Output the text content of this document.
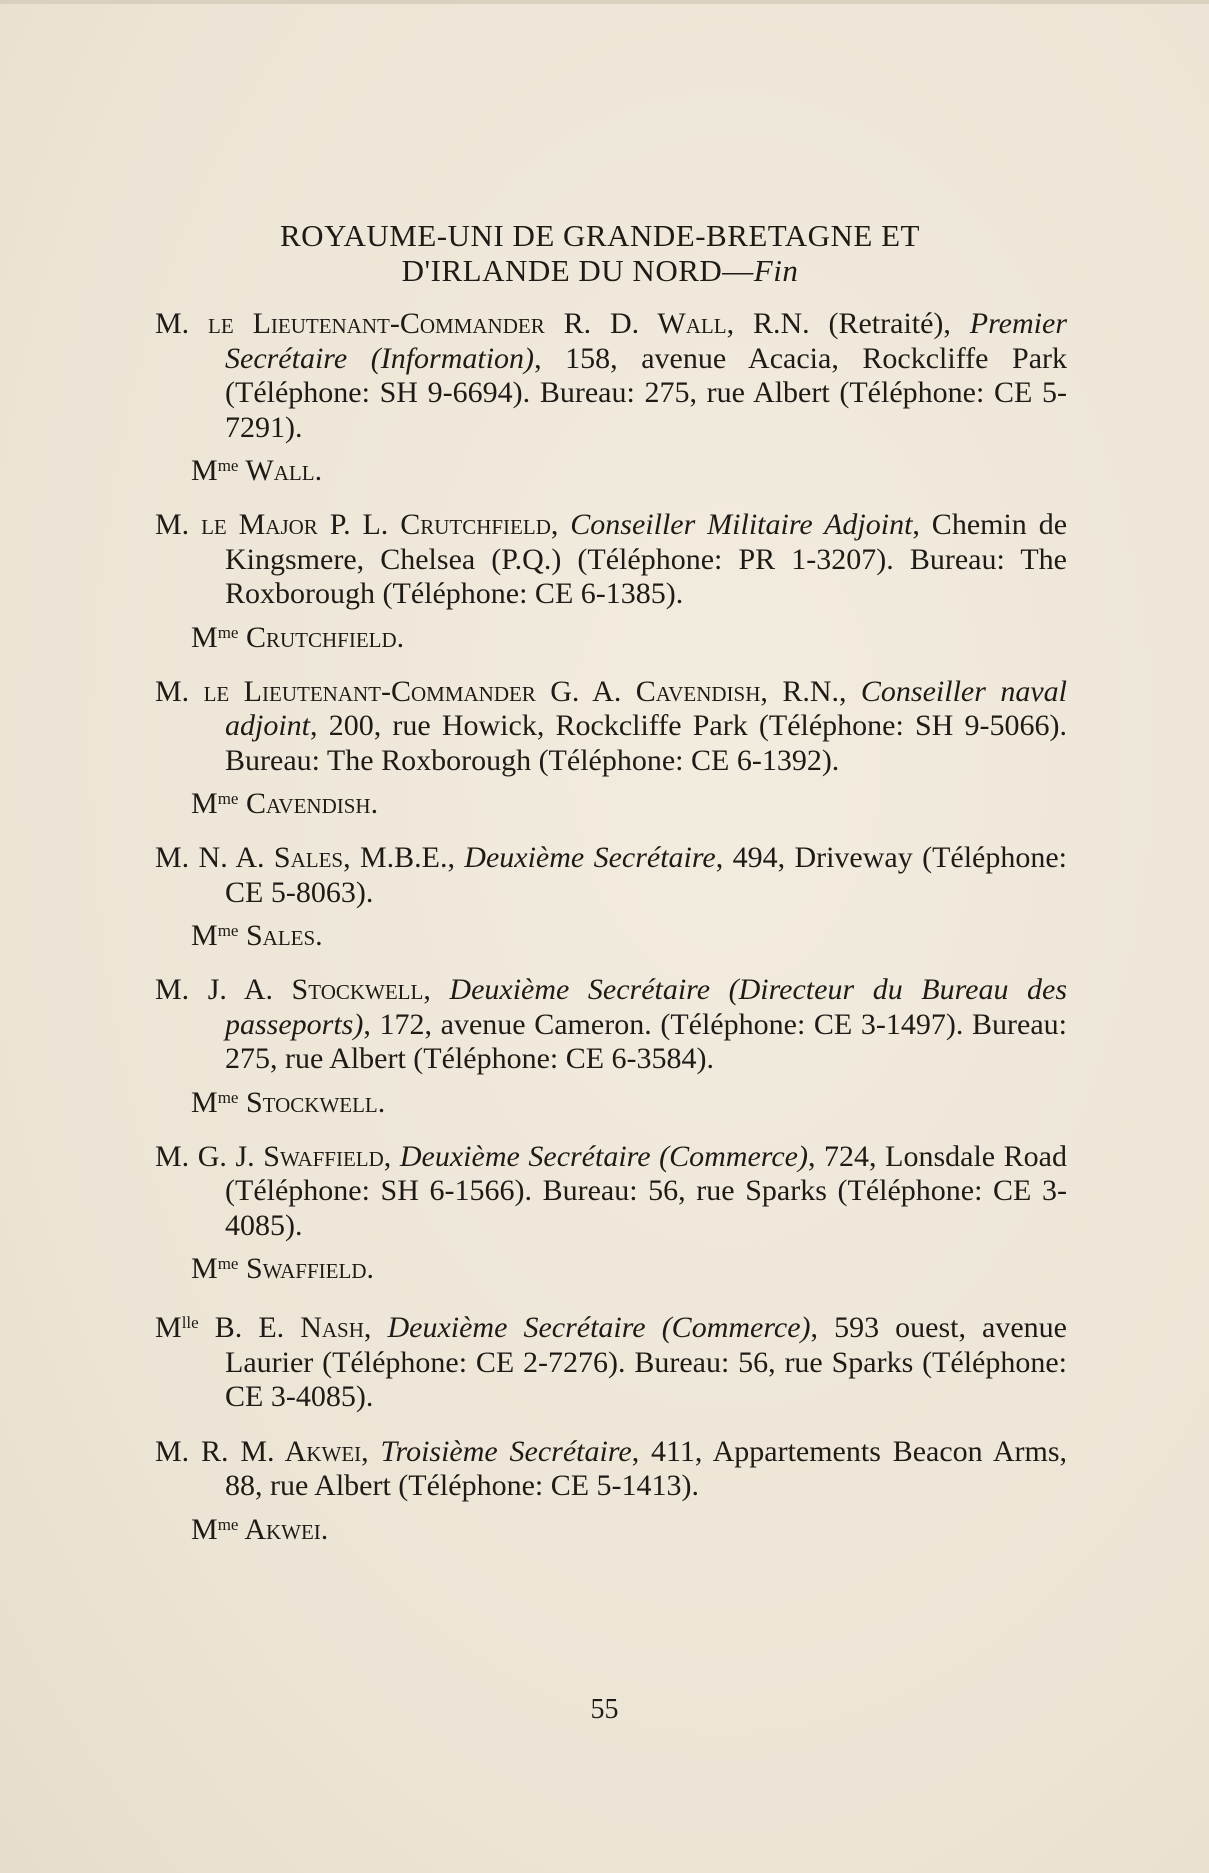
ROYAUME-UNI DE GRANDE-BRETAGNE ET
D'IRLANDE DU NORD—Fin

M. le Lieutenant-Commander R. D. Wall, R.N. (Retraité), Premier Secrétaire (Information), 158, avenue Acacia, Rockcliffe Park (Téléphone: SH 9-6694). Bureau: 275, rue Albert (Téléphone: CE 5-7291).

$M^{me}$ Wall.

M. le Major P. L. Crutchfield, Conseiller Militaire Adjoint, Chemin de Kingsmere, Chelsea (P.Q.) (Téléphone: PR 1-3207). Bureau: The Roxborough (Téléphone: CE 6-1385).

$M^{me}$ Crutchfield.

M. le Lieutenant-Commander G. A. Cavendish, R.N., Conseiller naval adjoint, 200, rue Howick, Rockcliffe Park (Téléphone: SH 9-5066). Bureau: The Roxborough (Téléphone: CE 6-1392).

$M^{me}$ Cavendish.

M. N. A. Sales, M.B.E., Deuxième Secrétaire, 494, Driveway (Téléphone: CE 5-8063).

$M^{me}$ Sales.

M. J. A. Stockwell, Deuxième Secrétaire (Directeur du Bureau des passeports), 172, avenue Cameron. (Téléphone: CE 3-1497). Bureau: 275, rue Albert (Téléphone: CE 6-3584).

$M^{me}$ Stockwell.

M. G. J. Swaffield, Deuxième Secrétaire (Commerce), 724, Lonsdale Road (Téléphone: SH 6-1566). Bureau: 56, rue Sparks (Téléphone: CE 3-4085).

$M^{me}$ Swaffield.

$M^{lle}$ B. E. Nash, Deuxième Secrétaire (Commerce), 593 ouest, avenue Laurier (Téléphone: CE 2-7276). Bureau: 56, rue Sparks (Téléphone: CE 3-4085).

M. R. M. Akwei, Troisième Secrétaire, 411, Appartements Beacon Arms, 88, rue Albert (Téléphone: CE 5-1413).

$M^{me}$ Akwei.
55
